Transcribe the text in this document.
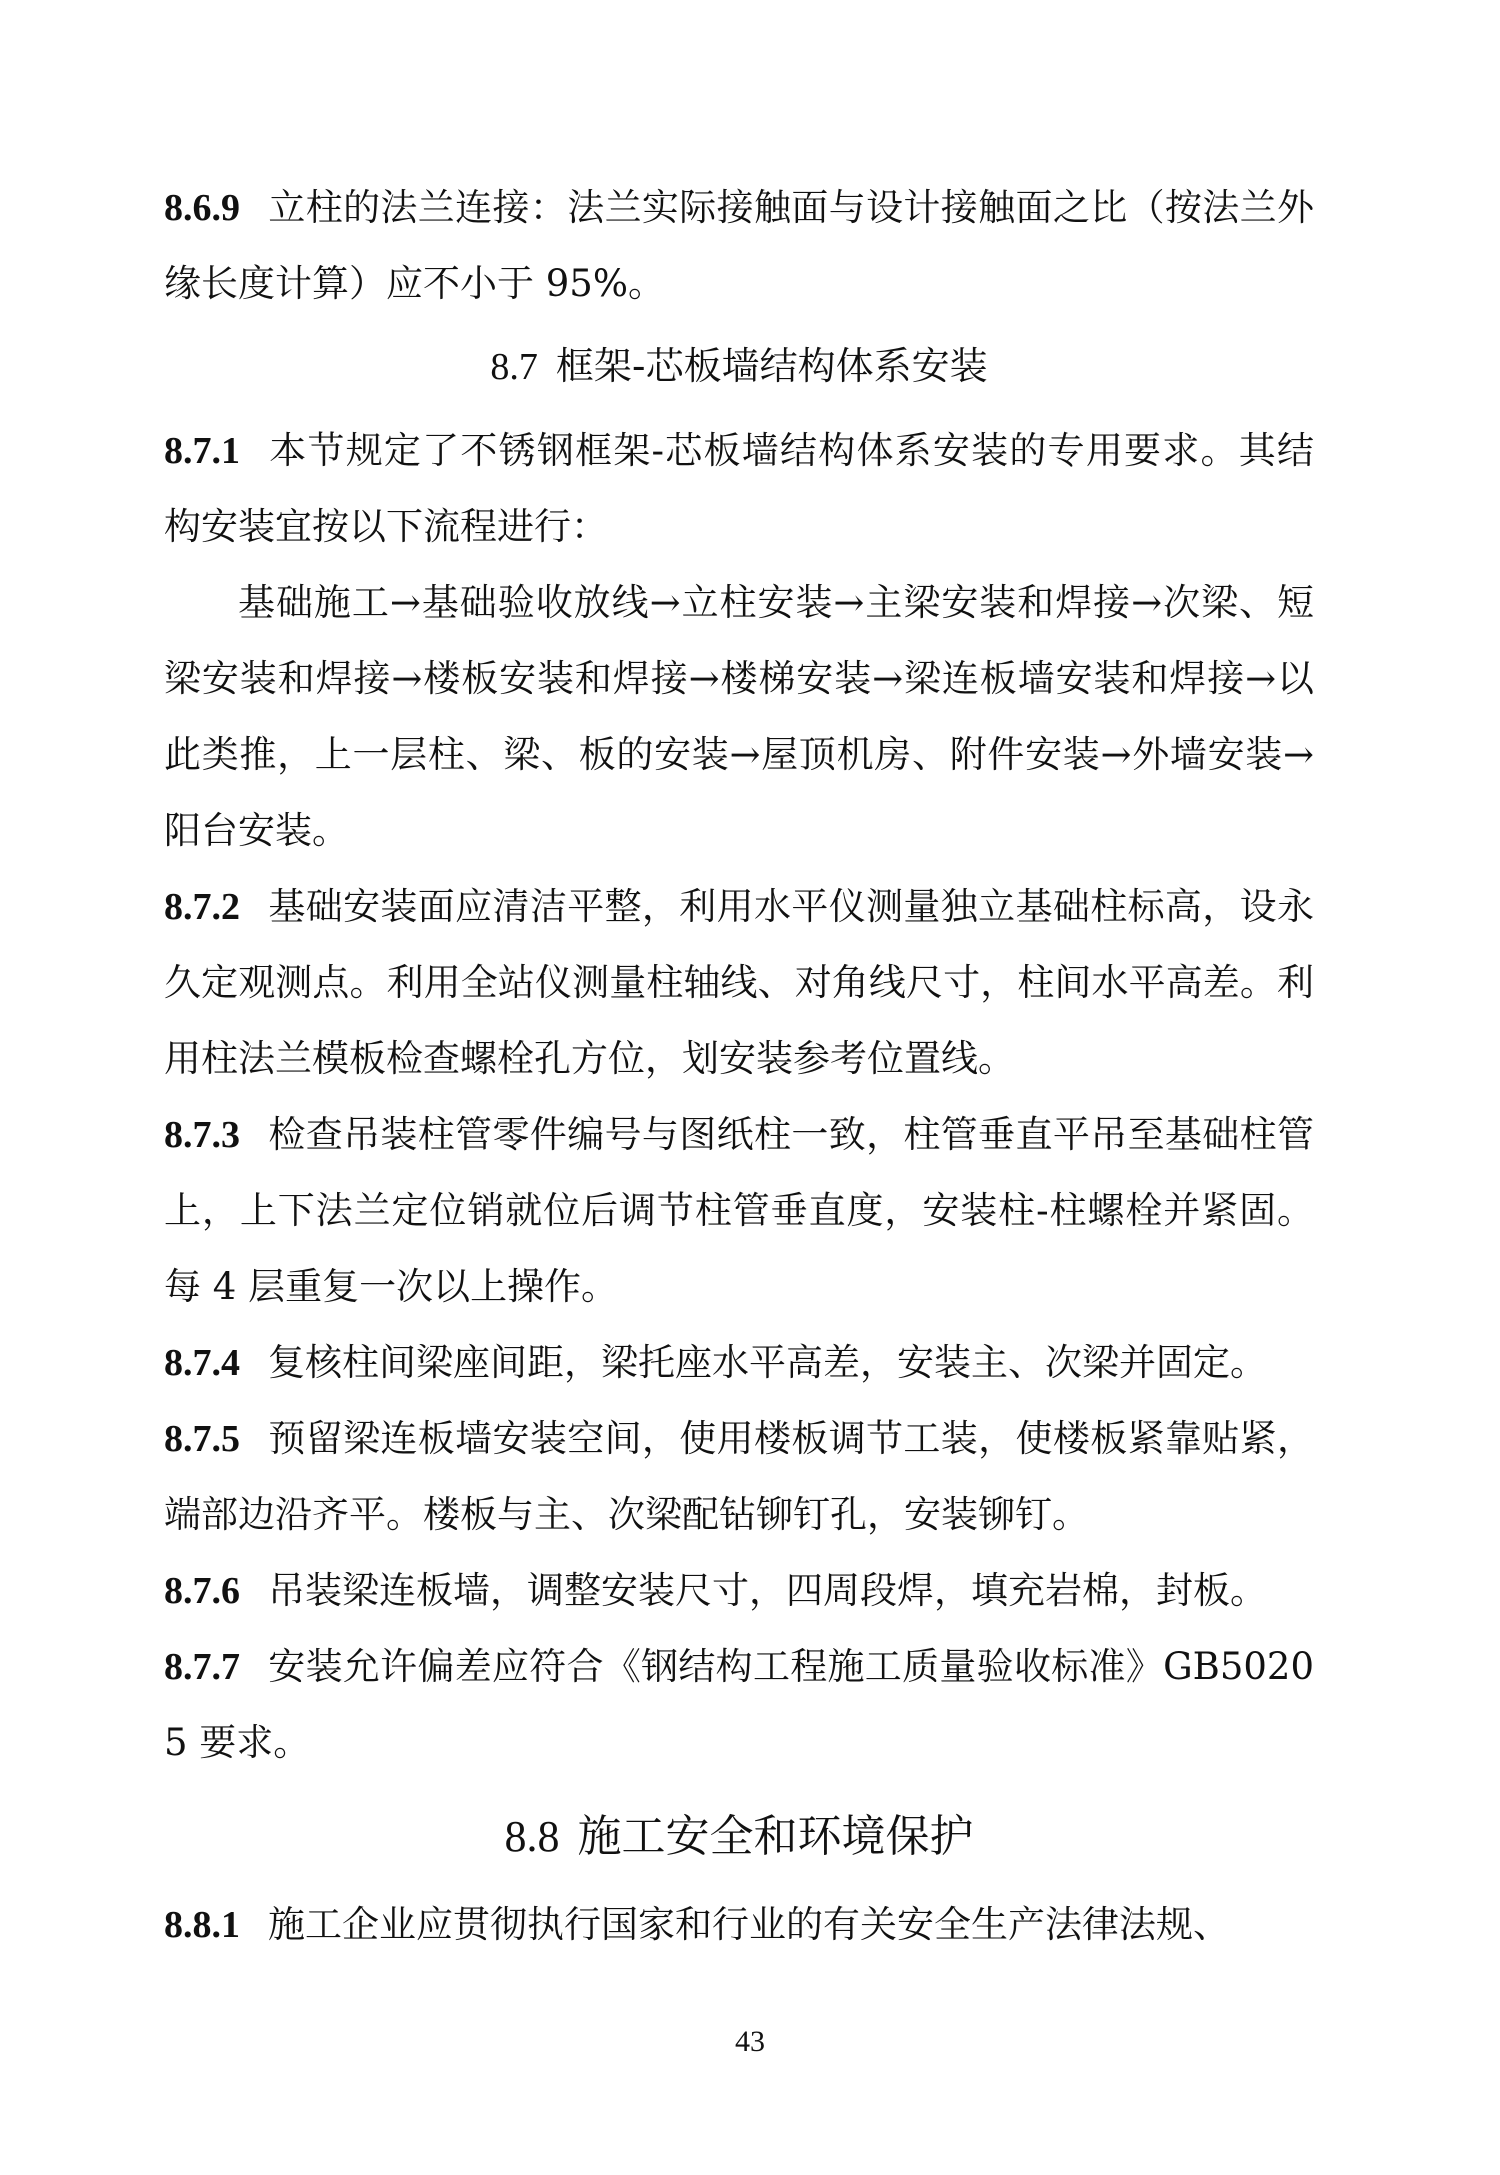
8.6.9 立柱的法兰连接：法兰实际接触面与设计接触面之比（按法兰外缘长度计算）应不小于 95%。

8.7 框架-芯板墙结构体系安装

8.7.1 本节规定了不锈钢框架-芯板墙结构体系安装的专用要求。其结构安装宜按以下流程进行：

基础施工→基础验收放线→立柱安装→主梁安装和焊接→次梁、短梁安装和焊接→楼板安装和焊接→楼梯安装→梁连板墙安装和焊接→以此类推，上一层柱、梁、板的安装→屋顶机房、附件安装→外墙安装→阳台安装。

8.7.2 基础安装面应清洁平整，利用水平仪测量独立基础柱标高，设永久定观测点。利用全站仪测量柱轴线、对角线尺寸，柱间水平高差。利用柱法兰模板检查螺栓孔方位，划安装参考位置线。

8.7.3 检查吊装柱管零件编号与图纸柱一致，柱管垂直平吊至基础柱管上，上下法兰定位销就位后调节柱管垂直度，安装柱-柱螺栓并紧固。每 4 层重复一次以上操作。

8.7.4 复核柱间梁座间距，梁托座水平高差，安装主、次梁并固定。

8.7.5 预留梁连板墙安装空间，使用楼板调节工装，使楼板紧靠贴紧，端部边沿齐平。楼板与主、次梁配钻铆钉孔，安装铆钉。

8.7.6 吊装梁连板墙，调整安装尺寸，四周段焊，填充岩棉，封板。

8.7.7 安装允许偏差应符合《钢结构工程施工质量验收标准》GB50205 要求。

8.8 施工安全和环境保护

8.8.1 施工企业应贯彻执行国家和行业的有关安全生产法律法规、

43
